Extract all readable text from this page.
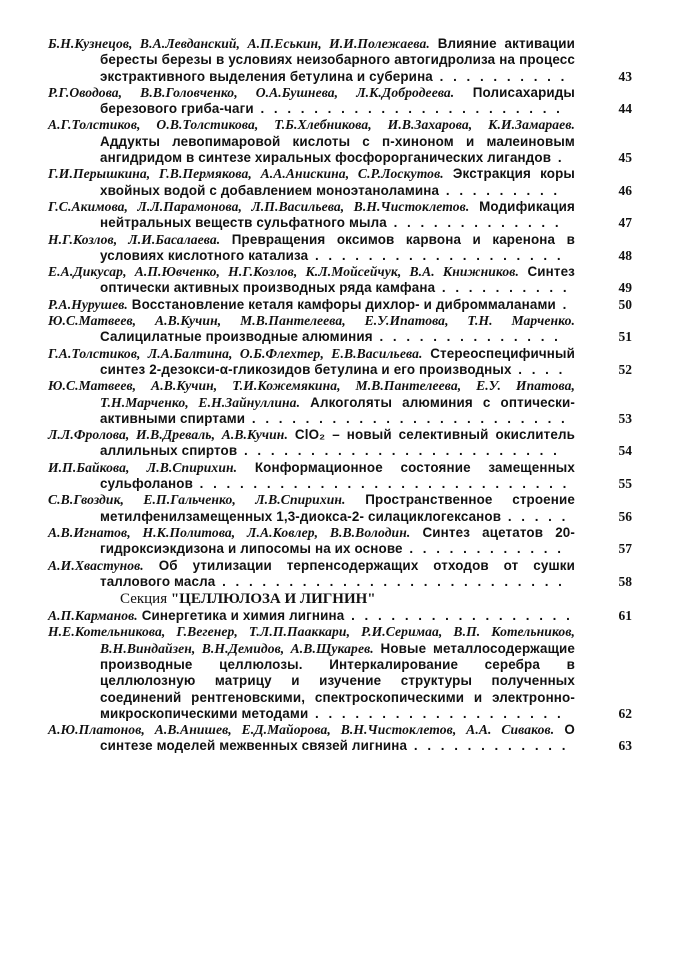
Б.Н.Кузнецов, В.А.Левданский, А.П.Еськин, И.И.Полежаева. Влияние активации бересты березы в условиях неизобарного автогидролиза на процесс экстрактивного выделения бетулина и суберина . . . . . . . . . .	43
Р.Г.Оводова, В.В.Головченко, О.А.Бушнева, Л.К.Добродеева. Полисахариды березового гриба-чаги . . . . . . . . . . . . . . . . . . . . . . .	44
А.Г.Толстиков, О.В.Толстикова, Т.Б.Хлебникова, И.В.Захарова, К.И.Замараев. Аддукты левопимаровой кислоты с п-хиноном и малеиновым ангидридом в синтезе хиральных фосфорорганических лигандов .	45
Г.И.Перышкина, Г.В.Пермякова, А.А.Анискина, С.Р.Лоскутов. Экстракция коры хвойных водой с добавлением моноэтаноламина . . . . . . . . .	46
Г.С.Акимова, Л.Л.Парамонова, Л.П.Васильева, В.Н.Чистоклетов. Модификация нейтральных веществ сульфатного мыла . . . . . . . . . . . . .	47
Н.Г.Козлов, Л.И.Басалаева. Превращения оксимов карвона и каренона в условиях кислотного катализа . . . . . . . . . . . . . . . . . . .	48
Е.А.Дикусар, А.П.Ювченко, Н.Г.Козлов, К.Л.Мойсейчук, В.А. Книжников. Синтез оптически активных производных ряда камфана . . . . . . . . . .	49
Р.А.Нурушев. Восстановление кеталя камфоры дихлор- и диброммаланами .	50
Ю.С.Матвеев, А.В.Кучин, М.В.Пантелеева, Е.У.Ипатова, Т.Н. Марченко. Салицилатные производные алюминия . . . . . . . . . . . . . .	51
Г.А.Толстиков, Л.А.Балтина, О.Б.Флехтер, Е.В.Васильева. Стереоспецифичный синтез 2-дезокси-α-гликозидов бетулина и его производных . . . .	52
Ю.С.Матвеев, А.В.Кучин, Т.И.Кожемякина, М.В.Пантелеева, Е.У. Ипатова, Т.Н.Марченко, Е.Н.Зайнуллина. Алкоголяты алюминия с оптически-активными спиртами . . . . . . . . . . . . . . . . . . . . . . . .	53
Л.Л.Фролова, И.В.Древаль, А.В.Кучин. ClO₂ – новый селективный окислитель аллильных спиртов . . . . . . . . . . . . . . . . . . . . . . . .	54
И.П.Байкова, Л.В.Спирихин. Конформационное состояние замещенных сульфоланов . . . . . . . . . . . . . . . . . . . . . . . . . . . .	55
С.В.Гвоздик, Е.П.Гальченко, Л.В.Спирихин. Пространственное строение метилфенилзамещенных 1,3-диокса-2- силациклогексанов . . . . .	56
А.В.Игнатов, Н.К.Политова, Л.А.Ковлер, В.В.Володин. Синтез ацетатов 20-гидроксиэкдизона и липосомы на их основе . . . . . . . . . . . .	57
А.И.Хвастунов. Об утилизации терпенсодержащих отходов от сушки таллового масла . . . . . . . . . . . . . . . . . . . . . . . . . .	58
Секция "ЦЕЛЛЮЛОЗА И ЛИГНИН"
А.П.Карманов. Синергетика и химия лигнина . . . . . . . . . . . . . . . . .	61
Н.Е.Котельникова, Г.Вегенер, Т.Л.П.Пааккари, Р.И.Серимаа, В.П. Котельников, В.Н.Виндайзен, В.Н.Демидов, А.В.Щукарев. Новые металлосодержащие производные целлюлозы. Интеркалирование серебра в целлюлозную матрицу и изучение структуры полученных соединений рентгеновскими, спектроскопическими и электронно-микроскопическими методами . . . . . . . . . . . . . . . . . . .	62
А.Ю.Платонов, А.В.Анишев, Е.Д.Майорова, В.Н.Чистоклетов, А.А. Сиваков. О синтезе моделей межвенных связей лигнина . . . . . . . . . . . .	63
